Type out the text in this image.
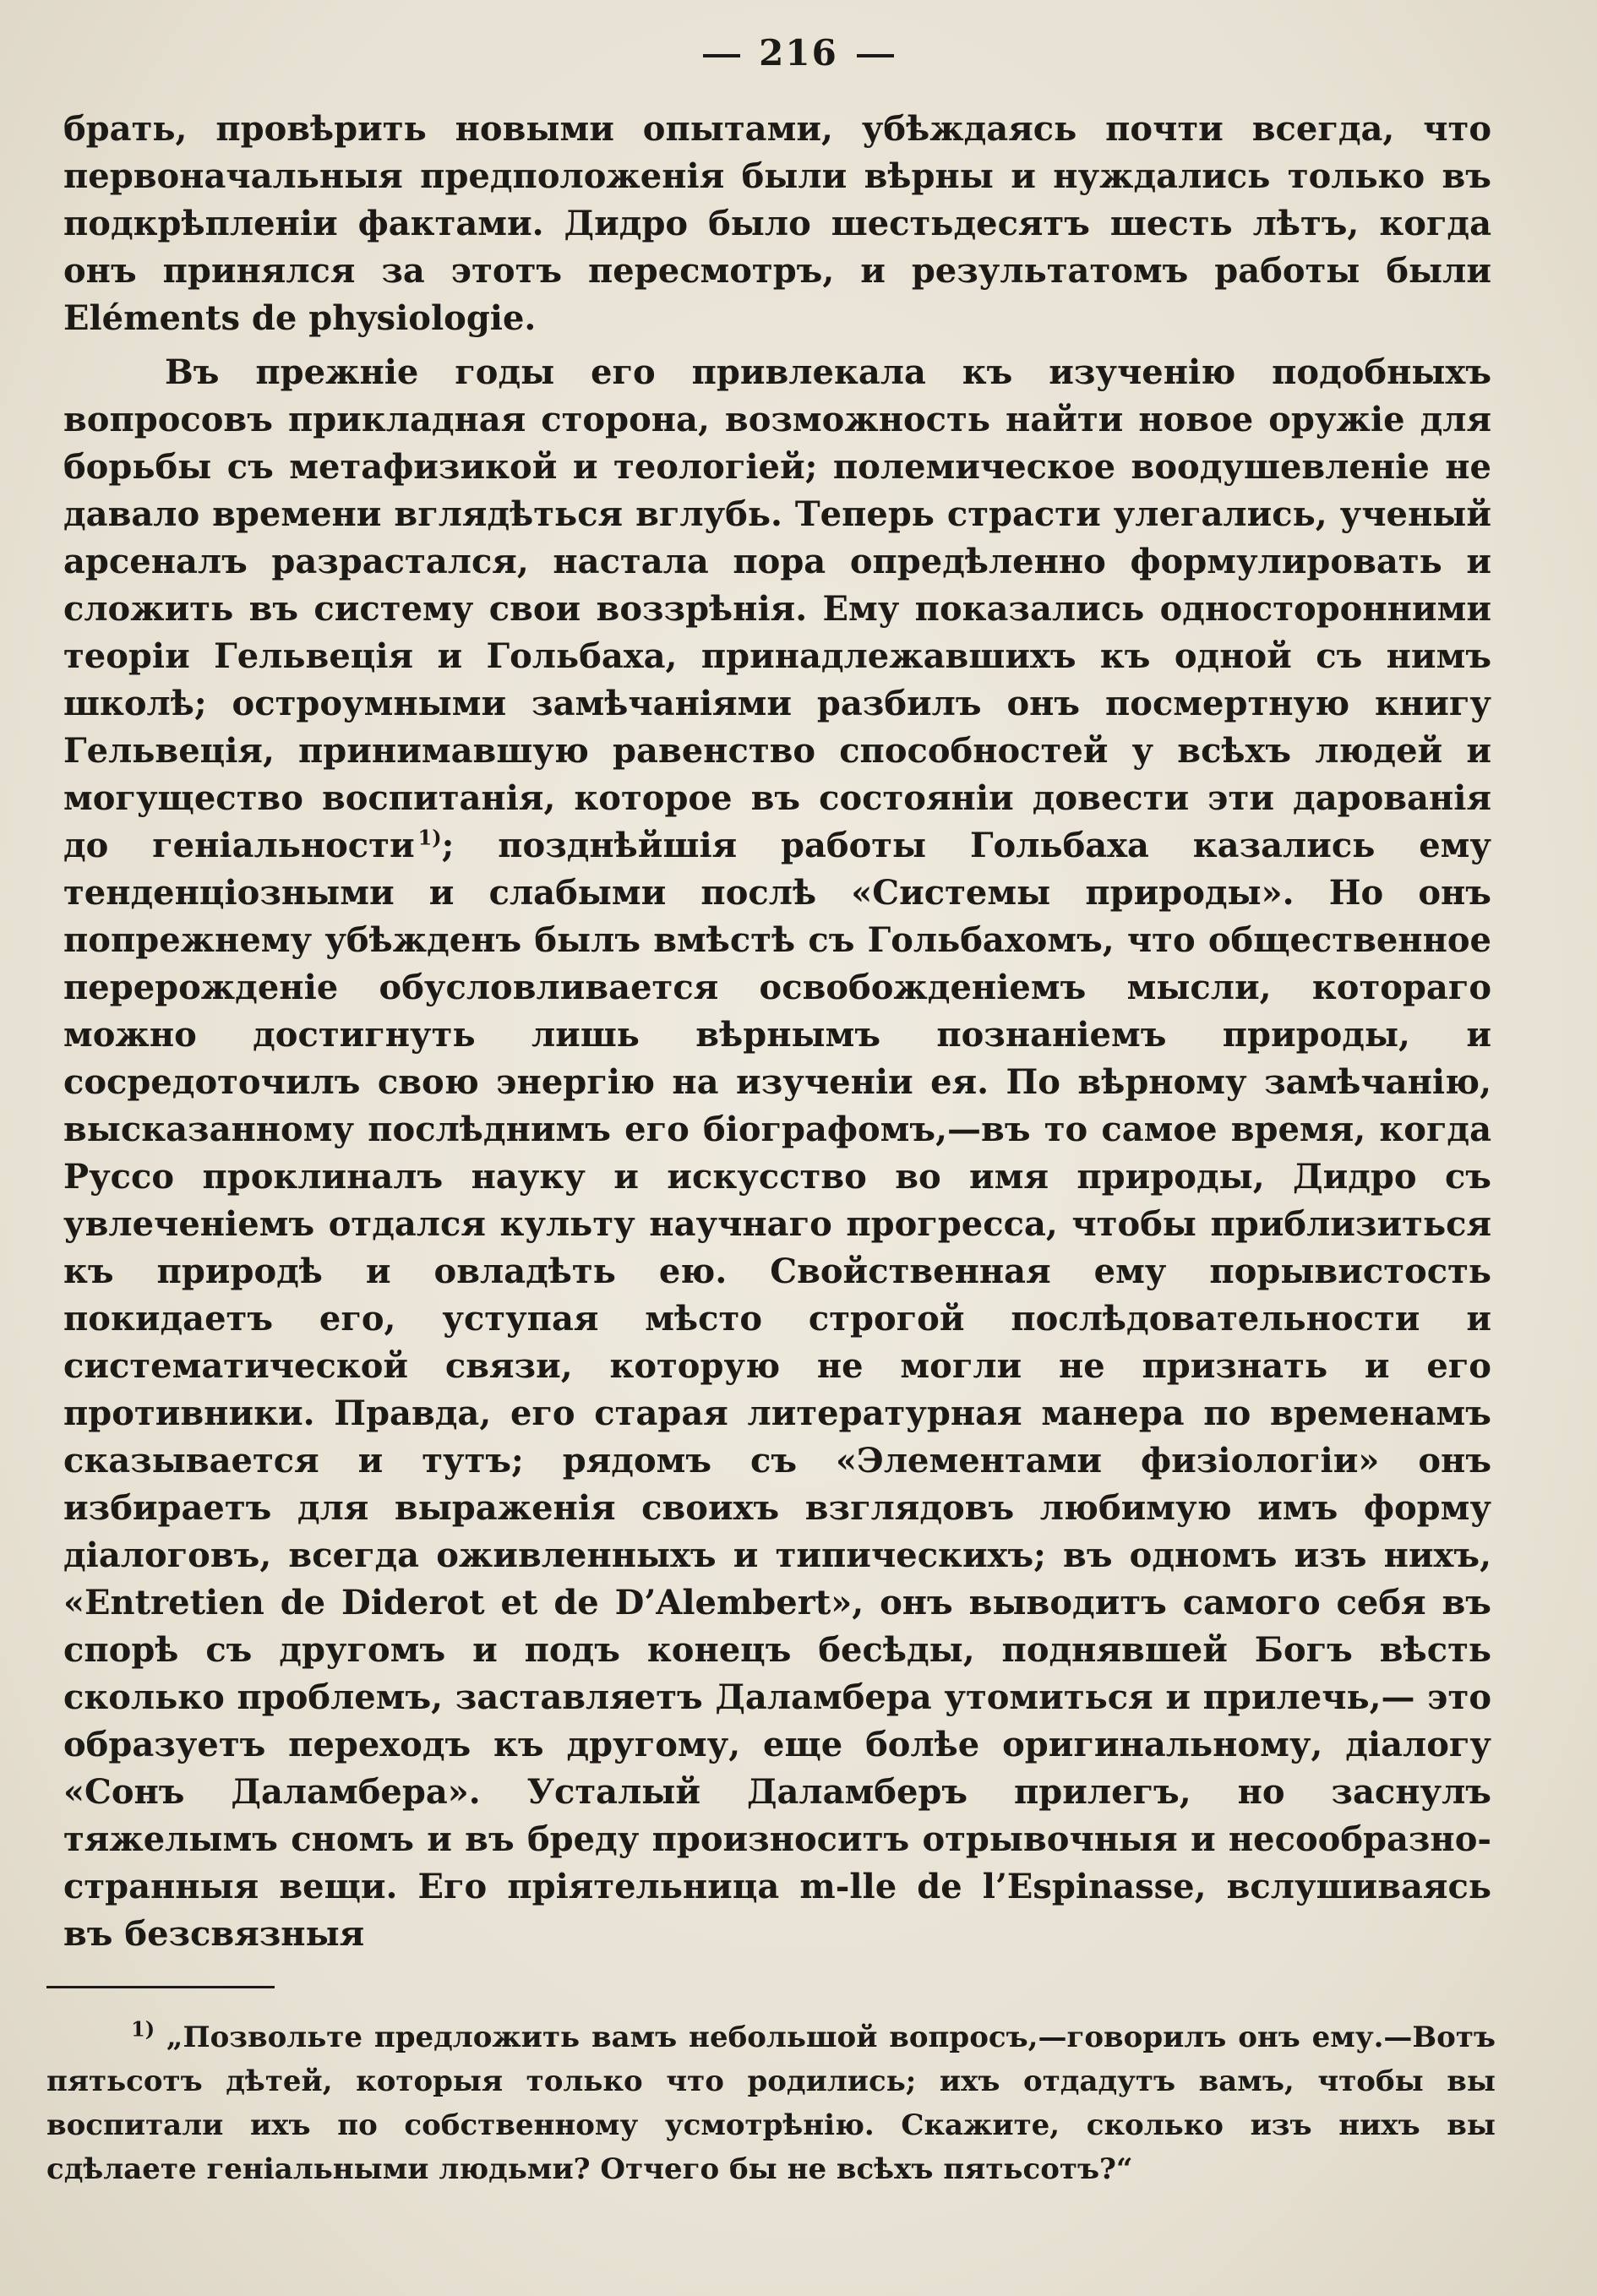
216

брать, провѣрить новыми опытами, убѣждаясь почти всегда, что первоначальныя предположенія были вѣрны и нуждались только въ подкрѣпленіи фактами. Дидро было шестьдесятъ шесть лѣтъ, когда онъ принялся за этотъ пересмотръ, и результатомъ работы были Eléments de physiologie.

Въ прежніе годы его привлекала къ изученію подобныхъ вопросовъ прикладная сторона, возможность найти новое оружіе для борьбы съ метафизикой и теологіей; полемическое воодушевленіе не давало времени вглядѣться вглубь. Теперь страсти улегались, ученый арсеналъ разрастался, настала пора опредѣленно формулировать и сложить въ систему свои воззрѣнія. Ему показались односторонними теоріи Гельвеція и Гольбаха, принадлежавшихъ къ одной съ нимъ школѣ; остроумными замѣчаніями разбилъ онъ посмертную книгу Гельвеція, принимавшую равенство способностей у всѣхъ людей и могущество воспитанія, которое въ состояніи довести эти дарованія до геніальности  $^{1)}$; позднѣйшія работы Гольбаха казались ему тенденціозными и слабыми послѣ «Системы природы». Но онъ попрежнему убѣжденъ былъ вмѣстѣ съ Гольбахомъ, что общественное перерожденіе обусловливается освобожденіемъ мысли, котораго можно достигнуть лишь вѣрнымъ познаніемъ природы, и сосредоточилъ свою энергію на изученіи ея. По вѣрному замѣчанію, высказанному послѣднимъ его біографомъ,—въ то самое время, когда Руссо проклиналъ науку и искусство во имя природы, Дидро съ увлеченіемъ отдался культу научнаго прогресса, чтобы приблизиться къ природѣ и овладѣть ею. Свойственная ему порывистость покидаетъ его, уступая мѣсто строгой послѣдовательности и систематической связи, которую не могли не признать и его противники. Правда, его старая литературная манера по временамъ сказывается и тутъ; рядомъ съ «Элементами физіологіи» онъ избираетъ для выраженія своихъ взглядовъ любимую имъ форму діалоговъ, всегда оживленныхъ и типическихъ; въ одномъ изъ нихъ, «Entretien de Diderot et de D’Alembert», онъ выводитъ самого себя въ спорѣ съ другомъ и подъ конецъ бесѣды, поднявшей Богъ вѣсть сколько проблемъ, заставляетъ Даламбера утомиться и прилечь,— это образуетъ переходъ къ другому, еще болѣе оригинальному, діалогу «Сонъ Даламбера». Усталый Даламберъ прилегъ, но заснулъ тяжелымъ сномъ и въ бреду произноситъ отрывочныя и несообразно-странныя вещи. Его пріятельница m-lle de l’Espinasse, вслушиваясь въ безсвязныя

$^{1)}$ „Позвольте предложить вамъ небольшой вопросъ,—говорилъ онъ ему.—Вотъ пятьсотъ дѣтей, которыя только что родились; ихъ отдадутъ вамъ, чтобы вы воспитали ихъ по собственному усмотрѣнію. Скажите, сколько изъ нихъ вы сдѣлаете геніальными людьми? Отчего бы не всѣхъ пятьсотъ?“
